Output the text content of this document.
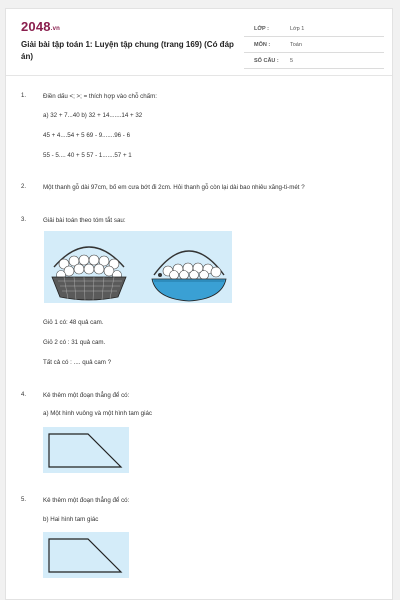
2048.vn
Giải bài tập toán 1: Luyện tập chung (trang 169) (Có đáp án)
LỚP :	Lớp 1
MÔN :	Toán
SỐ CÂU : 5
1.	Điền dấu <; >; = thích hợp vào chỗ chấm:
a) 32 + 7...40 b) 32 + 14.......14 + 32
45 + 4....54 + 5 69 - 9.......96 - 6
55 - 5.... 40 + 5 57 - 1.......57 + 1
2.	Một thanh gỗ dài 97cm, bố em cưa bớt đi 2cm. Hỏi thanh gỗ còn lại dài bao nhiêu xăng-ti-mét ?
3.	Giải bài toán theo tóm tắt sau:
Giỏ 1 có: 48 quả cam.
Giỏ 2 có : 31 quả cam.
Tất cả có : .... quả cam ?
4.	Kẻ thêm một đoạn thẳng để có:
a) Một hình vuông và một hình tam giác
5.	Kẻ thêm một đoạn thẳng để có:
b) Hai hình tam giác
